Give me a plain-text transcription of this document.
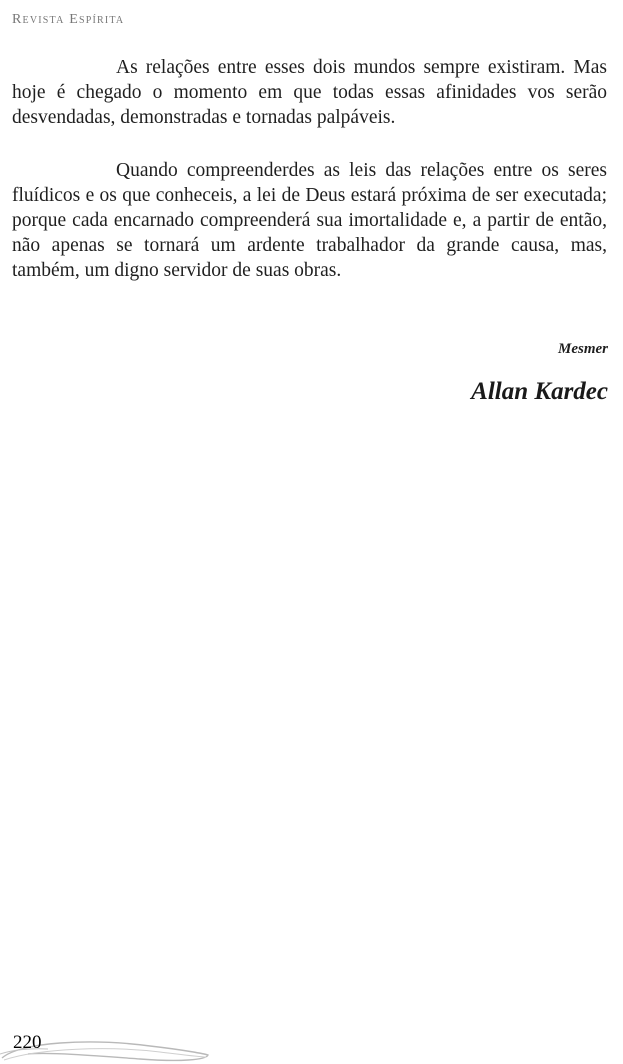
Revista Espírita

As relações entre esses dois mundos sempre existiram. Mas hoje é chegado o momento em que todas essas afinidades vos serão desvendadas, demonstradas e tornadas palpáveis.

Quando compreenderdes as leis das relações entre os seres fluídicos e os que conheceis, a lei de Deus estará próxima de ser executada; porque cada encarnado compreenderá sua imortalidade e, a partir de então, não apenas se tornará um ardente trabalhador da grande causa, mas, também, um digno servidor de suas obras.

Mesmer
Allan Kardec
220
